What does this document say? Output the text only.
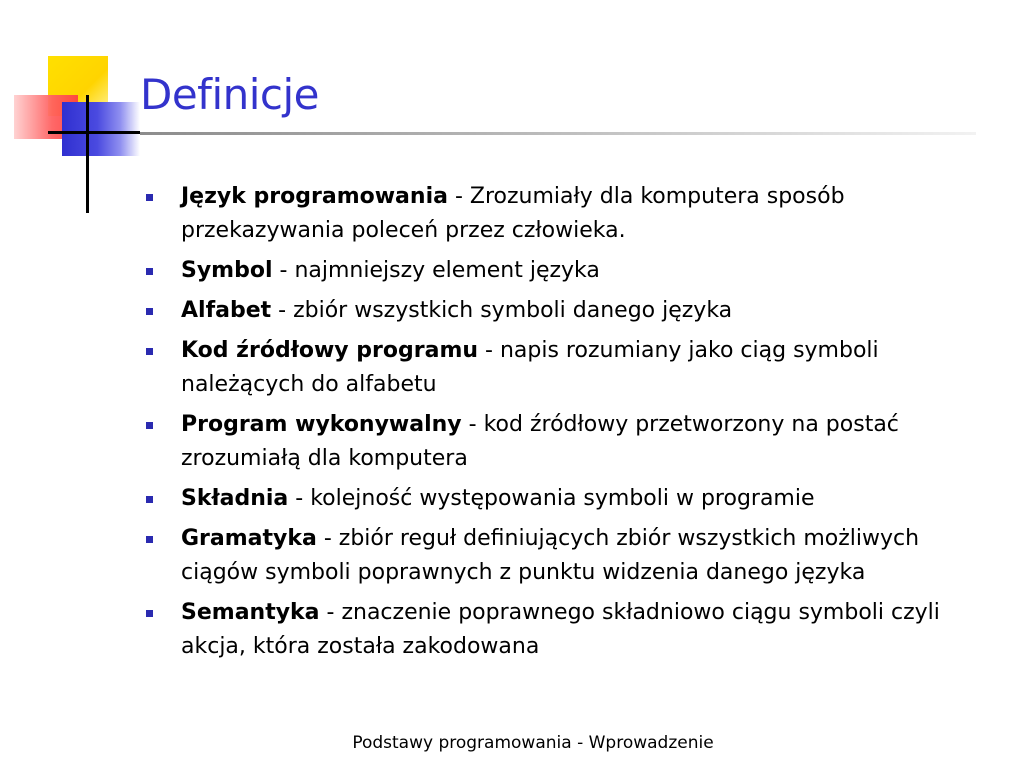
Definicje
Język programowania - Zrozumiały dla komputera sposób przekazywania poleceń przez człowieka.
Symbol - najmniejszy element języka
Alfabet - zbiór wszystkich symboli danego języka
Kod źródłowy programu - napis rozumiany jako ciąg symboli należących do alfabetu
Program wykonywalny - kod źródłowy przetworzony na postać zrozumiałą dla komputera
Składnia - kolejność występowania symboli w programie
Gramatyka - zbiór reguł definiujących zbiór wszystkich możliwych ciągów symboli poprawnych z punktu widzenia danego języka
Semantyka - znaczenie poprawnego składniowo ciągu symboli czyli akcja, która została zakodowana
Podstawy programowania - Wprowadzenie
